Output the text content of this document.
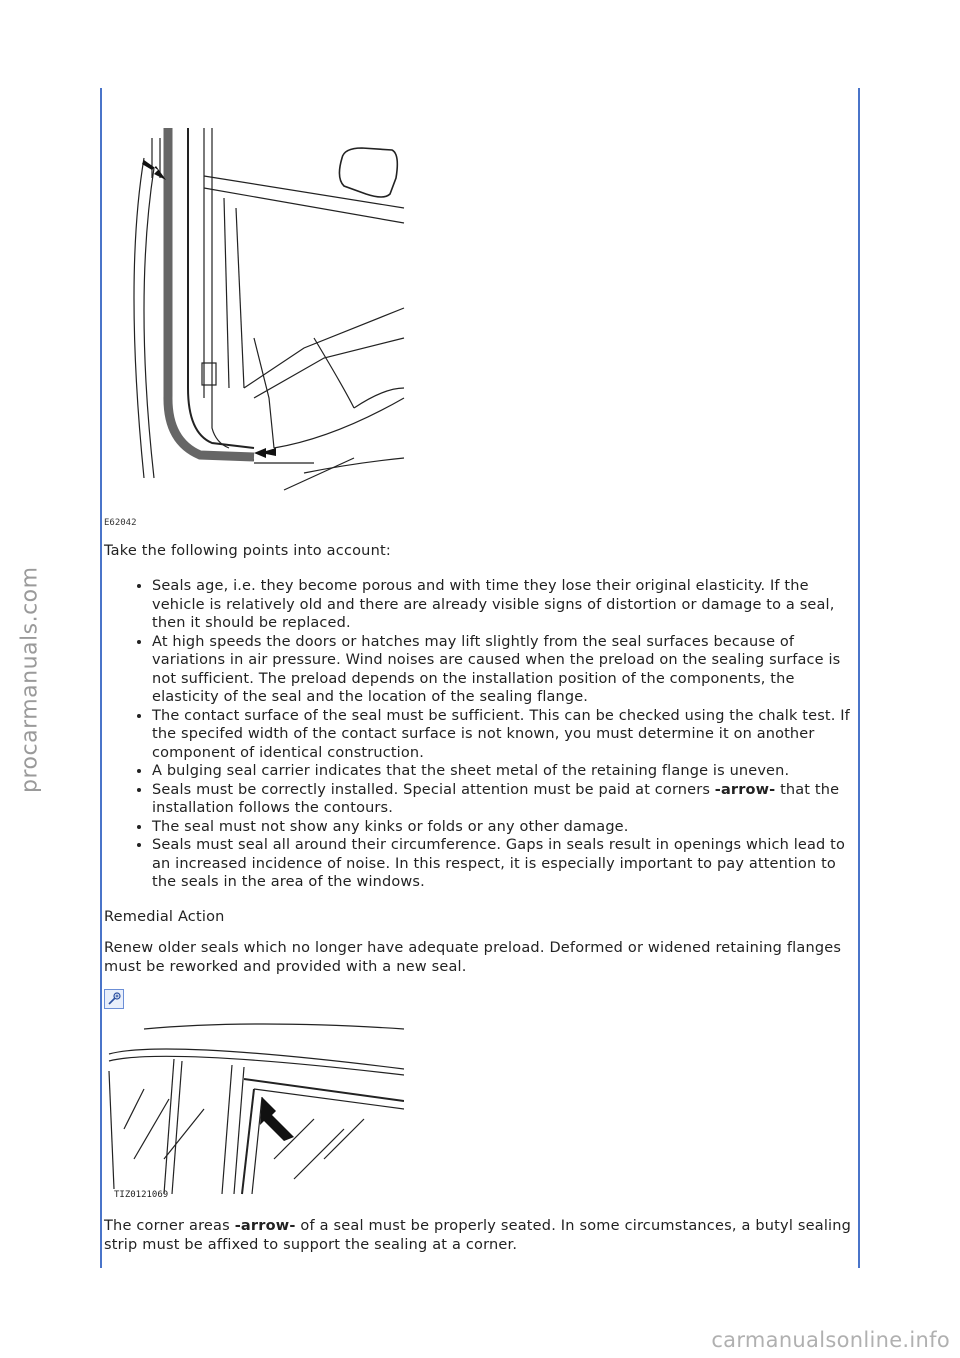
procarmanuals.com
E62042

Take the following points into account:

• Seals age, i.e. they become porous and with time they lose their original elasticity. If the vehicle is relatively old and there are already visible signs of distortion or damage to a seal, then it should be replaced.
• At high speeds the doors or hatches may lift slightly from the seal surfaces because of variations in air pressure. Wind noises are caused when the preload on the sealing surface is not sufficient. The preload depends on the installation position of the components, the elasticity of the seal and the location of the sealing flange.
• The contact surface of the seal must be sufficient. This can be checked using the chalk test. If the specifed width of the contact surface is not known, you must determine it on another component of identical construction.
• A bulging seal carrier indicates that the sheet metal of the retaining flange is uneven.
• Seals must be correctly installed. Special attention must be paid at corners -arrow- that the installation follows the contours.
• The seal must not show any kinks or folds or any other damage.
• Seals must seal all around their circumference. Gaps in seals result in openings which lead to an increased incidence of noise. In this respect, it is especially important to pay attention to the seals in the area of the windows.

Remedial Action

Renew older seals which no longer have adequate preload. Deformed or widened retaining flanges must be reworked and provided with a new seal.

TIZ0121069

The corner areas -arrow- of a seal must be properly seated. In some circumstances, a butyl sealing strip must be affixed to support the sealing at a corner.

carmanualsonline.info
